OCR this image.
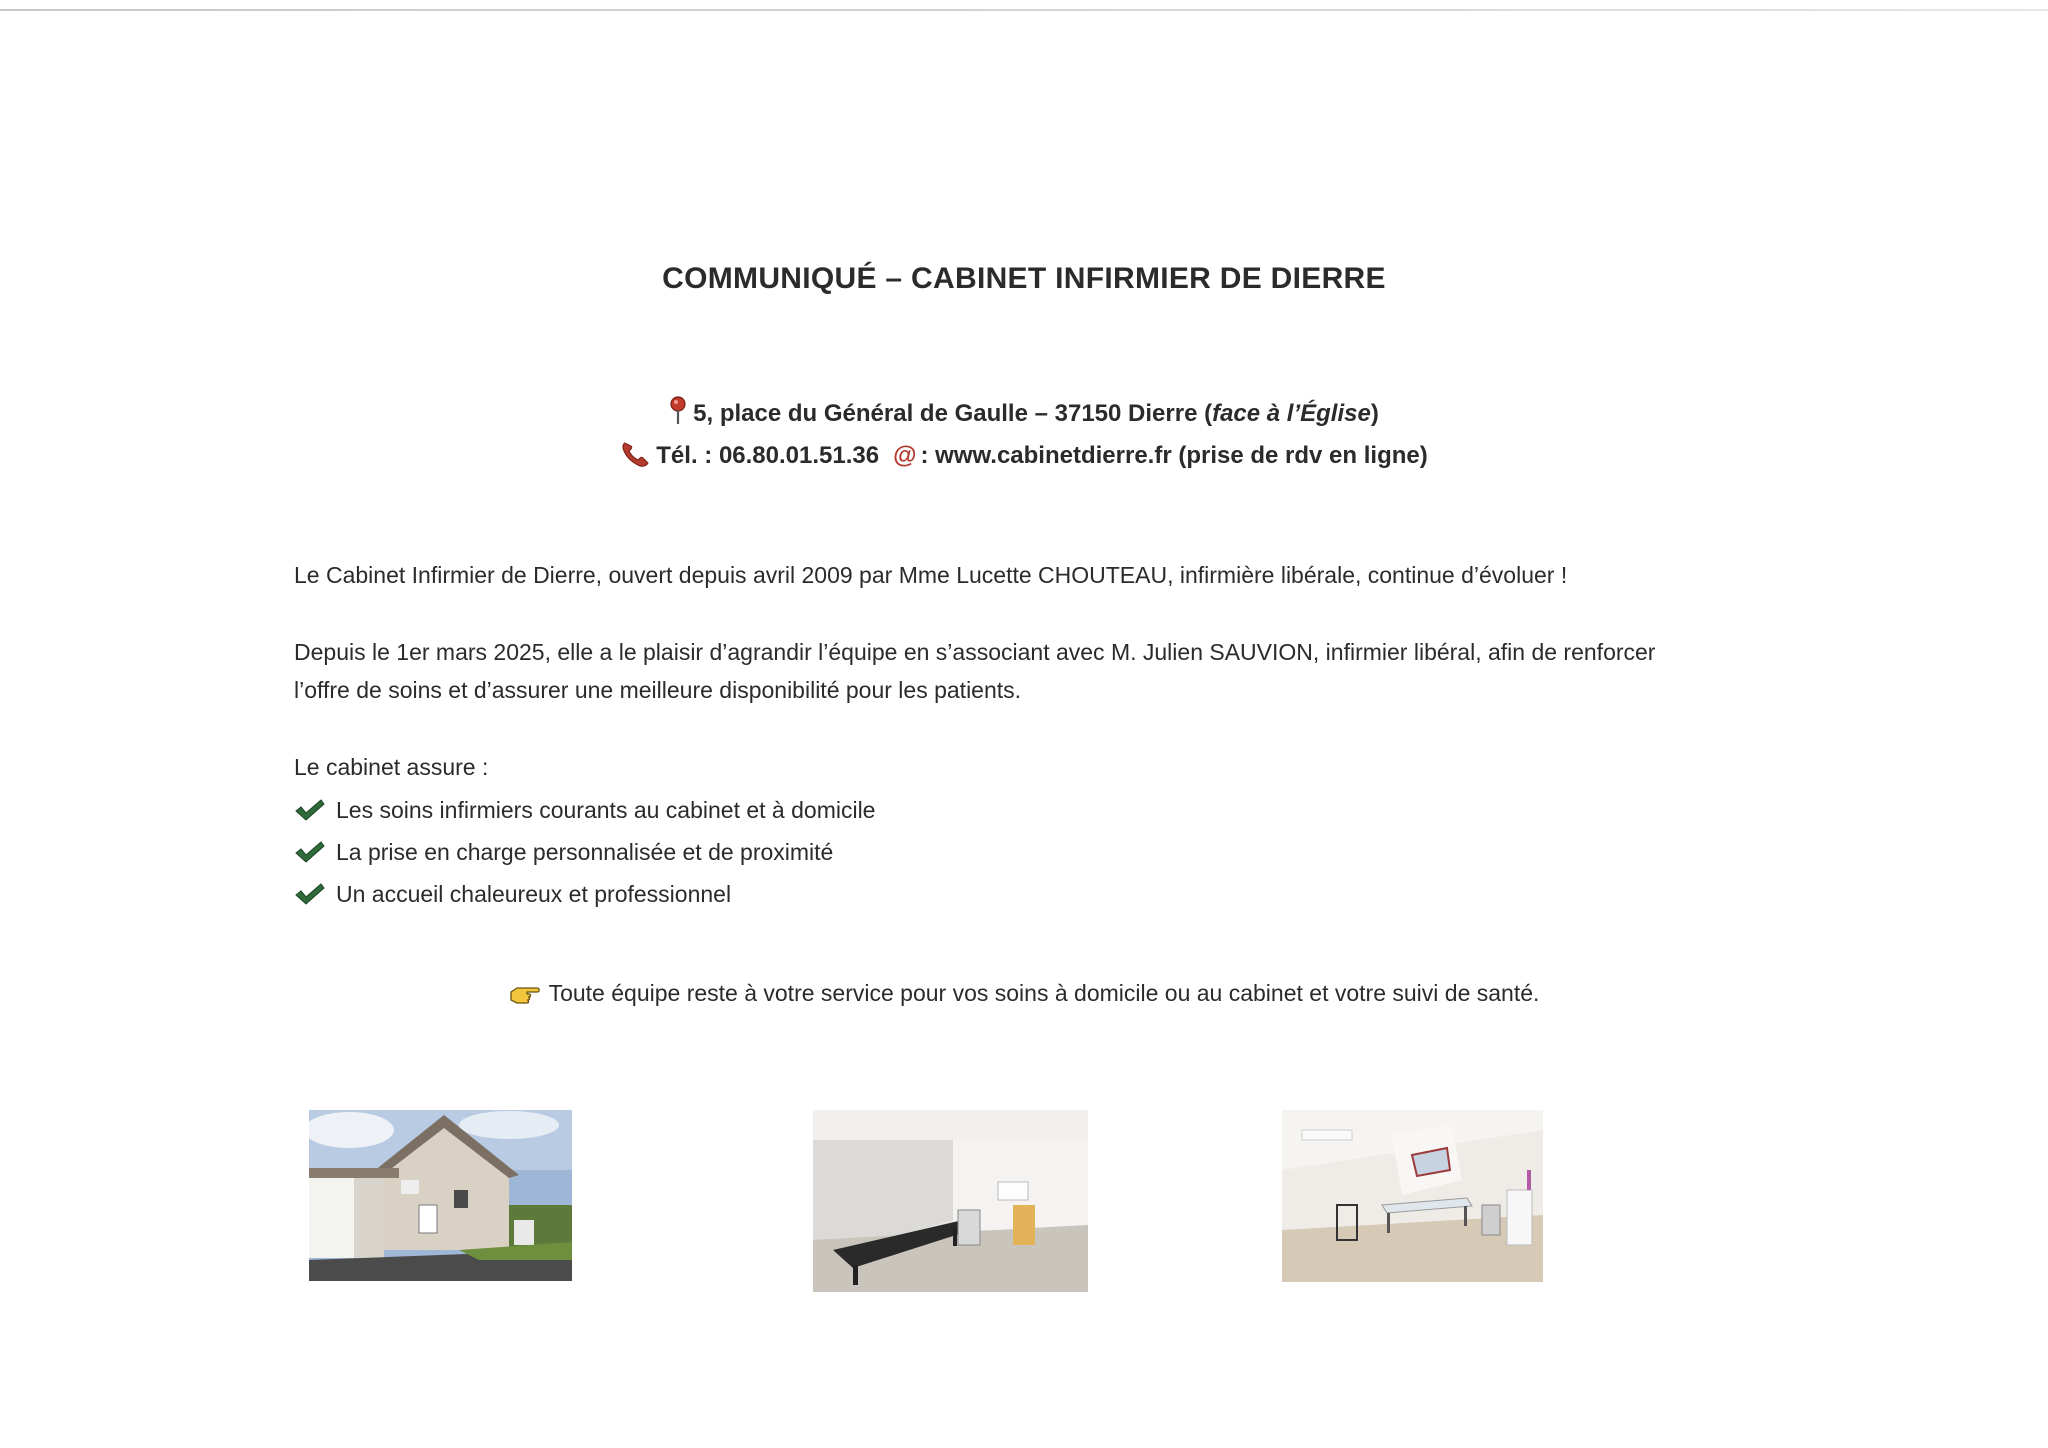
COMMUNIQUÉ – CABINET INFIRMIER DE DIERRE
5, place du Général de Gaulle – 37150 Dierre (face à l’Église)
Tél. : 06.80.01.51.36 @ : www.cabinetdierre.fr (prise de rdv en ligne)
Le Cabinet Infirmier de Dierre, ouvert depuis avril 2009 par Mme Lucette CHOUTEAU, infirmière libérale, continue d’évoluer !
Depuis le 1er mars 2025, elle a le plaisir d’agrandir l’équipe en s’associant avec M. Julien SAUVION, infirmier libéral, afin de renforcer
l’offre de soins et d’assurer une meilleure disponibilité pour les patients.
Le cabinet assure :
Les soins infirmiers courants au cabinet et à domicile
La prise en charge personnalisée et de proximité
Un accueil chaleureux et professionnel
Toute équipe reste à votre service pour vos soins à domicile ou au cabinet et votre suivi de santé.
